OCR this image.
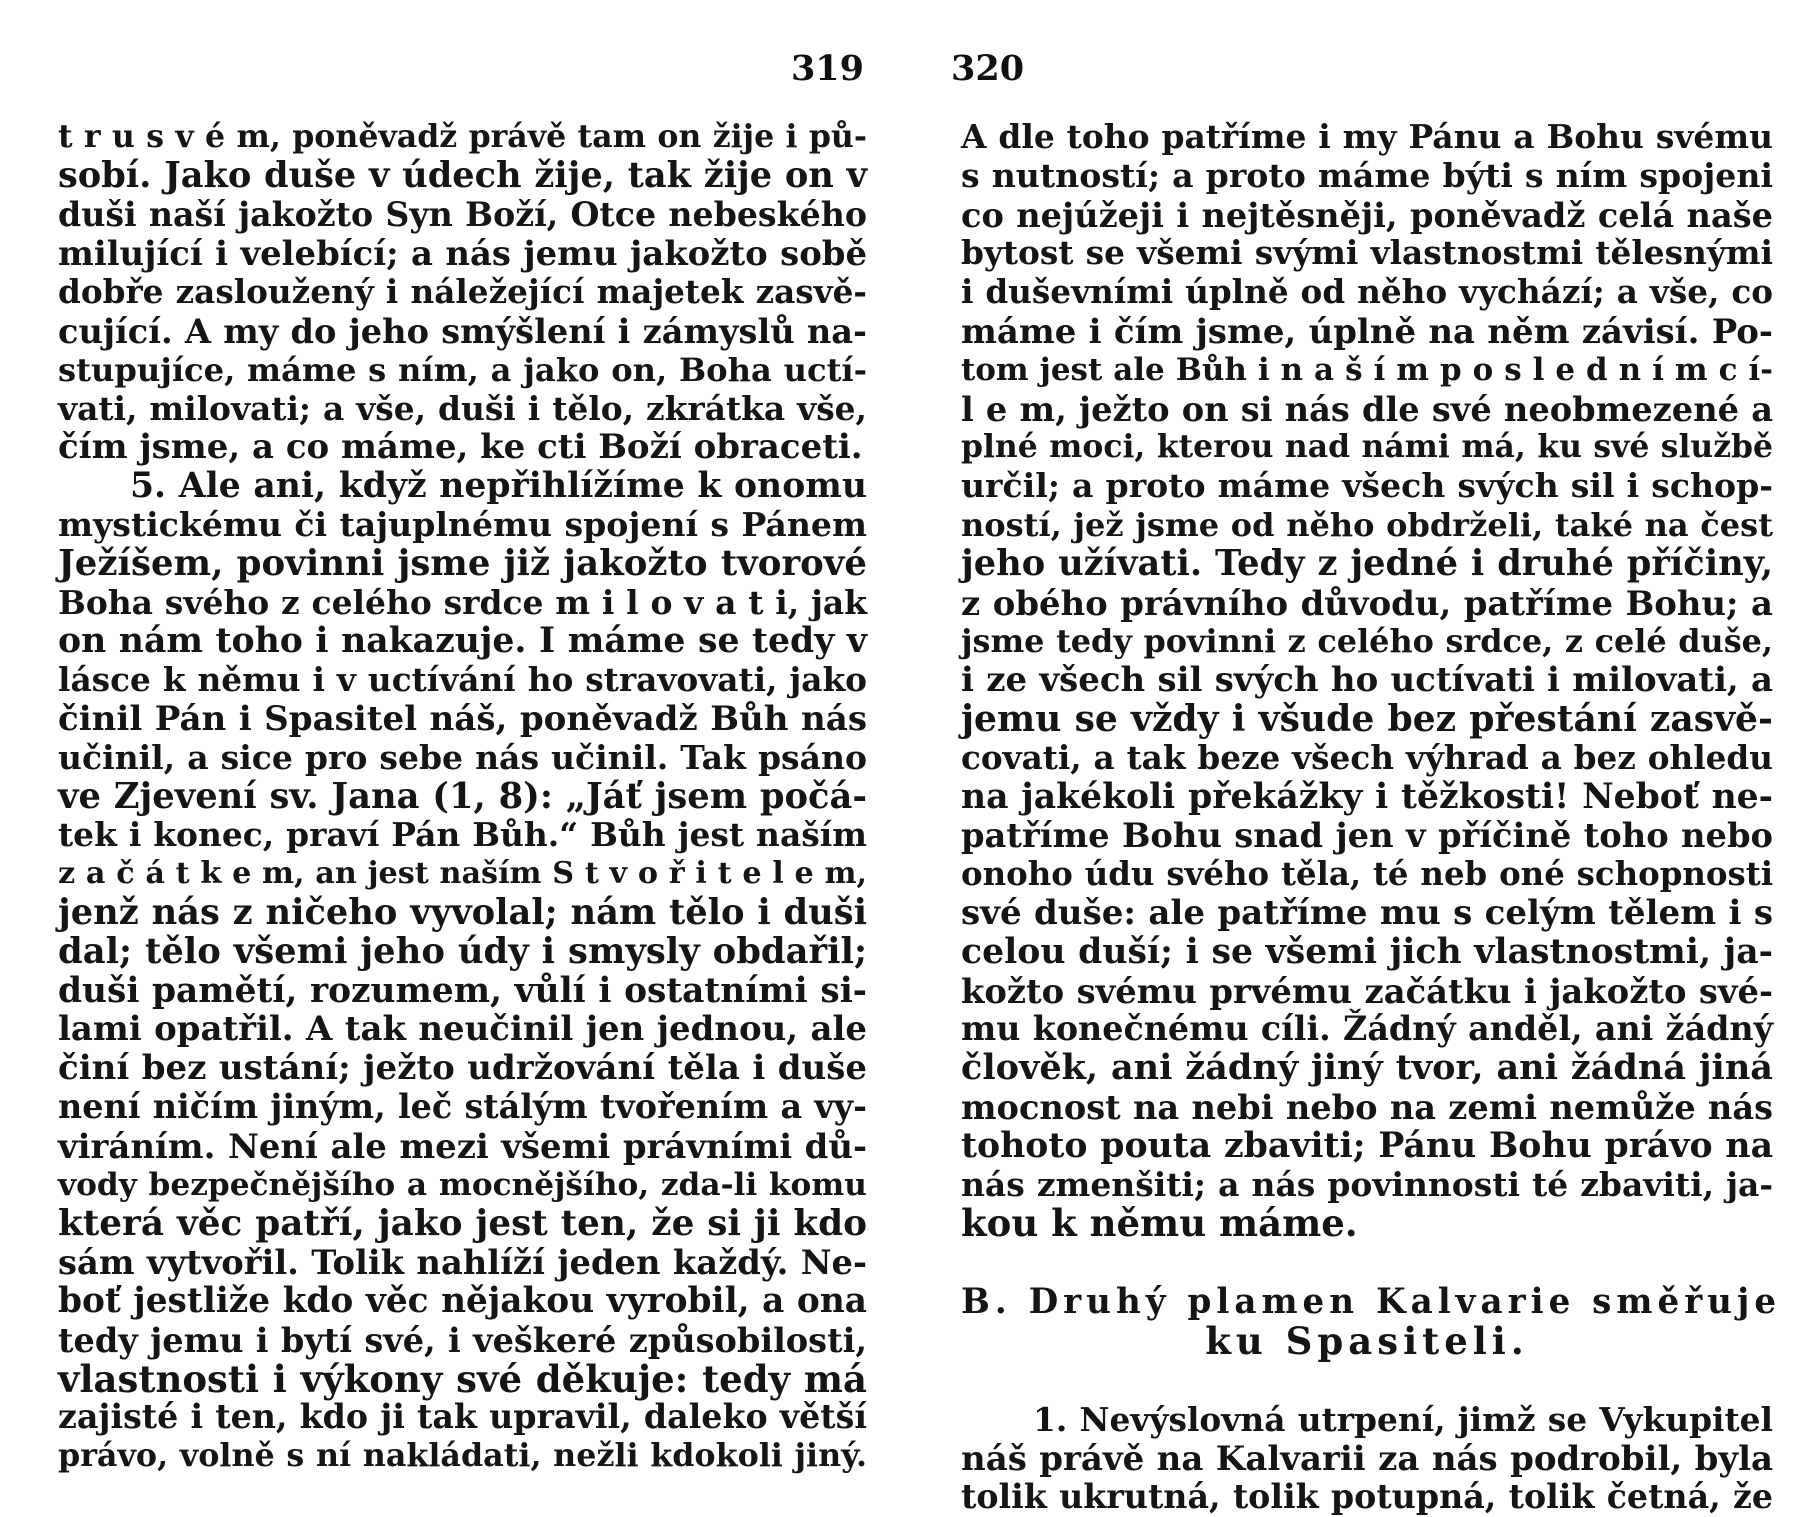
319
t r u s v é m, poněvadž právě tam on žije i pů-
sobí. Jako duše v údech žije, tak žije on v
duši naší jakožto Syn Boží, Otce nebeského
milující i velebící; a nás jemu jakožto sobě
dobře zasloužený i náležející majetek zasvě-
cující. A my do jeho smýšlení i zámyslů na-
stupujíce, máme s ním, a jako on, Boha uctí-
vati, milovati; a vše, duši i tělo, zkrátka vše,
čím jsme, a co máme, ke cti Boží obraceti.
5. Ale ani, když nepřihlížíme k onomu
mystickému či tajuplnému spojení s Pánem
Ježíšem, povinni jsme již jakožto tvorové
Boha svého z celého srdce m i l o v a t i, jak
on nám toho i nakazuje. I máme se tedy v
lásce k němu i v uctívání ho stravovati, jako
činil Pán i Spasitel náš, poněvadž Bůh nás
učinil, a sice pro sebe nás učinil. Tak psáno
ve Zjevení sv. Jana (1, 8): „Jáť jsem počá-
tek i konec, praví Pán Bůh.“ Bůh jest naším
z a č á t k e m, an jest naším S t v o ř i t e l e m,
jenž nás z ničeho vyvolal; nám tělo i duši
dal; tělo všemi jeho údy i smysly obdařil;
duši pamětí, rozumem, vůlí i ostatními si-
lami opatřil. A tak neučinil jen jednou, ale
činí bez ustání; ježto udržování těla i duše
není ničím jiným, leč stálým tvořením a vy-
viráním. Není ale mezi všemi právními dů-
vody bezpečnějšího a mocnějšího, zda-li komu
která věc patří, jako jest ten, že si ji kdo
sám vytvořil. Tolik nahlíží jeden každý. Ne-
boť jestliže kdo věc nějakou vyrobil, a ona
tedy jemu i bytí své, i veškeré způsobilosti,
vlastnosti i výkony své děkuje: tedy má
zajisté i ten, kdo ji tak upravil, daleko větší
právo, volně s ní nakládati, nežli kdokoli jiný.
320
A dle toho patříme i my Pánu a Bohu svému
s nutností; a proto máme býti s ním spojeni
co nejúžeji i nejtěsněji, poněvadž celá naše
bytost se všemi svými vlastnostmi tělesnými
i duševními úplně od něho vychází; a vše, co
máme i čím jsme, úplně na něm závisí. Po-
tom jest ale Bůh i n a š í m p o s l e d n í m c í-
l e m, ježto on si nás dle své neobmezené a
plné moci, kterou nad námi má, ku své službě
určil; a proto máme všech svých sil i schop-
ností, jež jsme od něho obdrželi, také na čest
jeho užívati. Tedy z jedné i druhé příčiny,
z obého právního důvodu, patříme Bohu; a
jsme tedy povinni z celého srdce, z celé duše,
i ze všech sil svých ho uctívati i milovati, a
jemu se vždy i všude bez přestání zasvě-
covati, a tak beze všech výhrad a bez ohledu
na jakékoli překážky i těžkosti! Neboť ne-
patříme Bohu snad jen v příčině toho nebo
onoho údu svého těla, té neb oné schopnosti
své duše: ale patříme mu s celým tělem i s
celou duší; i se všemi jich vlastnostmi, ja-
kožto svému prvému začátku i jakožto své-
mu konečnému cíli. Žádný anděl, ani žádný
člověk, ani žádný jiný tvor, ani žádná jiná
mocnost na nebi nebo na zemi nemůže nás
tohoto pouta zbaviti; Pánu Bohu právo na
nás zmenšiti; a nás povinnosti té zbaviti, ja-
kou k němu máme.
B. Druhý plamen Kalvarie směřuje
ku Spasiteli.
1. Nevýslovná utrpení, jimž se Vykupitel
náš právě na Kalvarii za nás podrobil, byla
tolik ukrutná, tolik potupná, tolik četná, že
